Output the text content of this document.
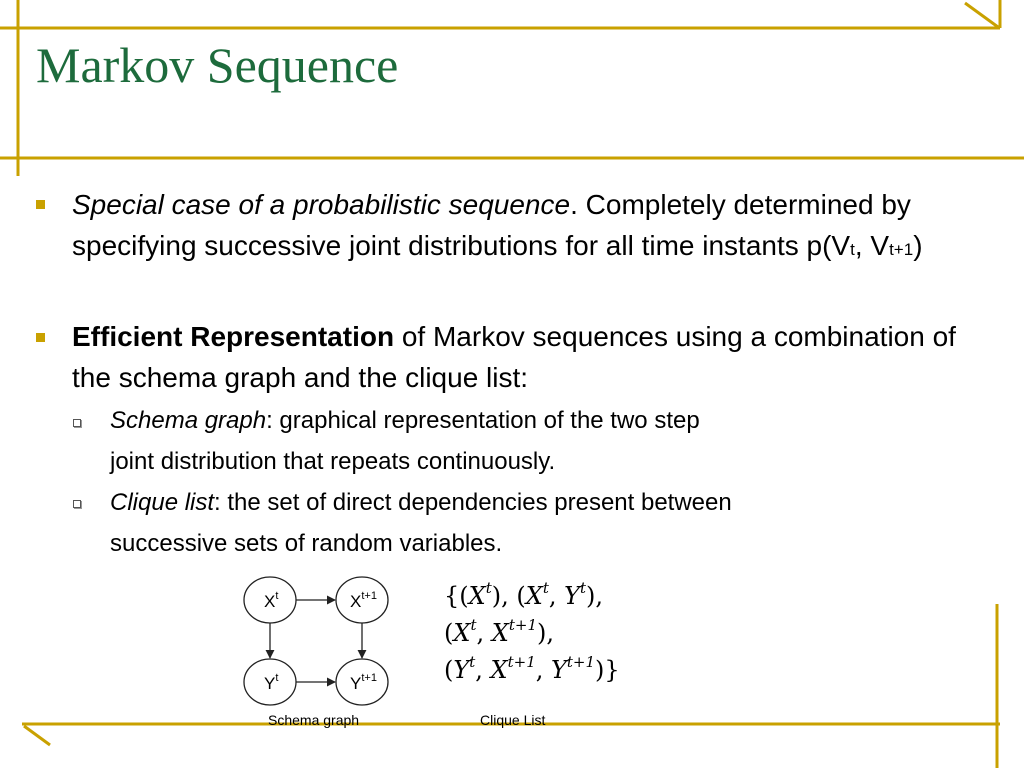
Markov Sequence
Special case of a probabilistic sequence. Completely determined by specifying successive joint distributions for all time instants p(Vt, Vt+1)
Efficient Representation of Markov sequences using a combination of the schema graph and the clique list:
Schema graph: graphical representation of the two step
joint distribution that repeats continuously.
Clique list: the set of direct dependencies present between
successive sets of random variables.
$X^t$	$X^{t+1}$
$Y^t$	$Y^{t+1}$
Schema graph
{$(X^t)$, ($X^t$, $Y^t$),
($X^t$, $X^{t+1}$),
($Y^t$, $X^{t+1}$, $Y^{t+1}$)}
Clique List
